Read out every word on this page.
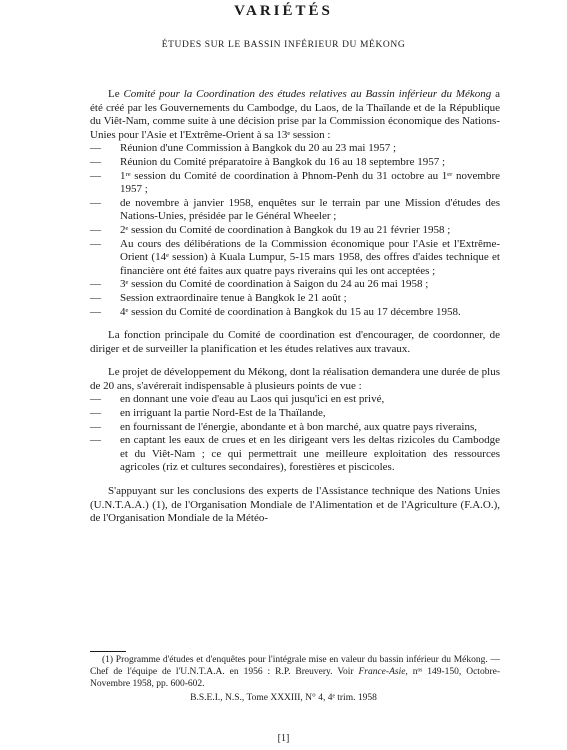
VARIÉTÉS
ÉTUDES SUR LE BASSIN INFÉRIEUR DU MÉKONG

Le Comité pour la Coordination des études relatives au Bassin inférieur du Mékong a été créé par les Gouvernements du Cambodge, du Laos, de la Thaïlande et de la République du Viêt-Nam, comme suite à une décision prise par la Commission économique des Nations-Unies pour l'Asie et l'Extrême-Orient à sa 13ᵉ session :

— Réunion d'une Commission à Bangkok du 20 au 23 mai 1957 ;
— Réunion du Comité préparatoire à Bangkok du 16 au 18 septembre 1957 ;
— 1ʳᵉ session du Comité de coordination à Phnom-Penh du 31 octobre au 1ᵉʳ novembre 1957 ;
— de novembre à janvier 1958, enquêtes sur le terrain par une Mission d'études des Nations-Unies, présidée par le Général Wheeler ;
— 2ᵉ session du Comité de coordination à Bangkok du 19 au 21 février 1958 ;
— Au cours des délibérations de la Commission économique pour l'Asie et l'Extrême-Orient (14ᵉ session) à Kuala Lumpur, 5-15 mars 1958, des offres d'aides technique et financière ont été faites aux quatre pays riverains qui les ont acceptées ;
— 3ᵉ session du Comité de coordination à Saigon du 24 au 26 mai 1958 ;
— Session extraordinaire tenue à Bangkok le 21 août ;
— 4ᵉ session du Comité de coordination à Bangkok du 15 au 17 décembre 1958.

La fonction principale du Comité de coordination est d'encourager, de coordonner, de diriger et de surveiller la planification et les études relatives aux travaux.

Le projet de développement du Mékong, dont la réalisation demandera une durée de plus de 20 ans, s'avérerait indispensable à plusieurs points de vue :

— en donnant une voie d'eau au Laos qui jusqu'ici en est privé,
— en irriguant la partie Nord-Est de la Thaïlande,
— en fournissant de l'énergie, abondante et à bon marché, aux quatre pays riverains,
— en captant les eaux de crues et en les dirigeant vers les deltas rizicoles du Cambodge et du Viêt-Nam ; ce qui permettrait une meilleure exploitation des ressources agricoles (riz et cultures secondaires), forestières et piscicoles.

S'appuyant sur les conclusions des experts de l'Assistance technique des Nations Unies (U.N.T.A.A.) (1), de l'Organisation Mondiale de l'Alimentation et de l'Agriculture (F.A.O.), de l'Organisation Mondiale de la Météo-

(1) Programme d'études et d'enquêtes pour l'intégrale mise en valeur du bassin inférieur du Mékong. — Chef de l'équipe de l'U.N.T.A.A. en 1956 : R.P. Breuvery. Voir France-Asie, nᵒˢ 149-150, Octobre-Novembre 1958, pp. 600-602.

B.S.E.I., N.S., Tome XXXIII, N° 4, 4ᵉ trim. 1958
[1]
